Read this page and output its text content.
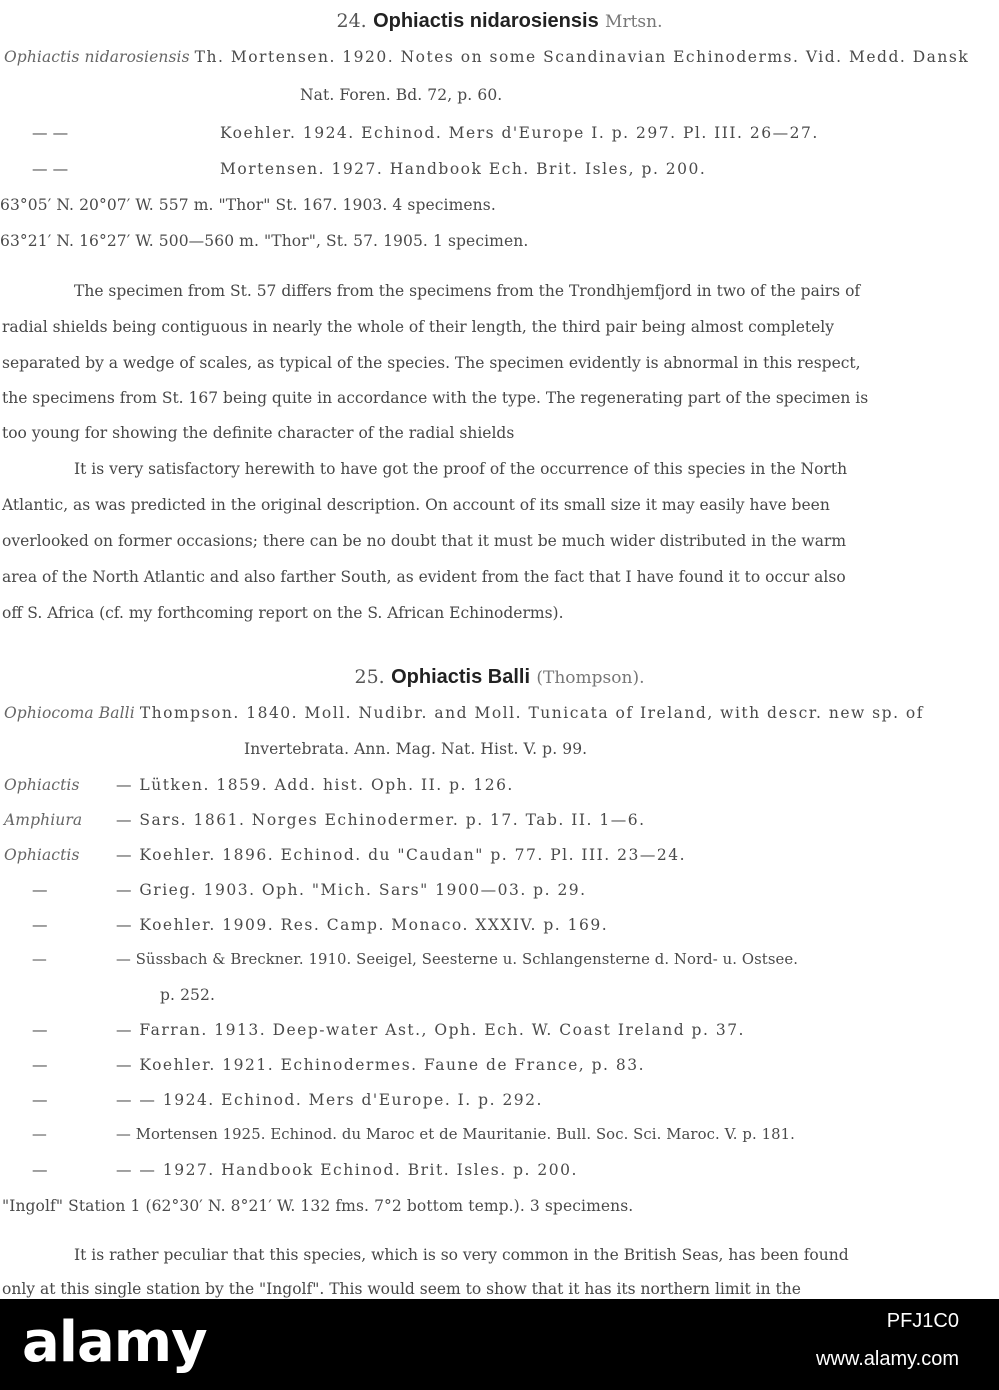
24. Ophiactis nidarosiensis Mrtsn.
Ophiactis nidarosiensis Th. Mortensen. 1920. Notes on some Scandinavian Echinoderms. Vid. Medd. Dansk
Nat. Foren. Bd. 72, p. 60.
— —	Koehler. 1924. Echinod. Mers d'Europe I. p. 297. Pl. III. 26—27.
— —	Mortensen. 1927. Handbook Ech. Brit. Isles, p. 200.
63°05′ N. 20°07′ W. 557 m. "Thor" St. 167. 1903. 4 specimens.
63°21′ N. 16°27′ W. 500—560 m. "Thor", St. 57. 1905. 1 specimen.
The specimen from St. 57 differs from the specimens from the Trondhjemfjord in two of the pairs of
radial shields being contiguous in nearly the whole of their length, the third pair being almost completely
separated by a wedge of scales, as typical of the species. The specimen evidently is abnormal in this respect,
the specimens from St. 167 being quite in accordance with the type. The regenerating part of the specimen is
too young for showing the definite character of the radial shields
It is very satisfactory herewith to have got the proof of the occurrence of this species in the North
Atlantic, as was predicted in the original description. On account of its small size it may easily have been
overlooked on former occasions; there can be no doubt that it must be much wider distributed in the warm
area of the North Atlantic and also farther South, as evident from the fact that I have found it to occur also
off S. Africa (cf. my forthcoming report on the S. African Echinoderms).
25. Ophiactis Balli (Thompson).
Ophiocoma Balli Thompson. 1840. Moll. Nudibr. and Moll. Tunicata of Ireland, with descr. new sp. of
Invertebrata. Ann. Mag. Nat. Hist. V. p. 99.
Ophiactis — Lütken. 1859. Add. hist. Oph. II. p. 126.
Amphiura — Sars. 1861. Norges Echinodermer. p. 17. Tab. II. 1—6.
Ophiactis — Koehler. 1896. Echinod. du "Caudan" p. 77. Pl. III. 23—24.
—	— Grieg. 1903. Oph. "Mich. Sars" 1900—03. p. 29.
—	— Koehler. 1909. Res. Camp. Monaco. XXXIV. p. 169.
—	— Süssbach & Breckner. 1910. Seeigel, Seesterne u. Schlangensterne d. Nord- u. Ostsee.
p. 252.
—	— Farran. 1913. Deep-water Ast., Oph. Ech. W. Coast Ireland p. 37.
—	— Koehler. 1921. Echinodermes. Faune de France, p. 83.
—	— — 1924. Echinod. Mers d'Europe. I. p. 292.
—	— Mortensen 1925. Echinod. du Maroc et de Mauritanie. Bull. Soc. Sci. Maroc. V. p. 181.
—	— — 1927. Handbook Echinod. Brit. Isles. p. 200.
"Ingolf" Station 1 (62°30′ N. 8°21′ W. 132 fms. 7°2 bottom temp.). 3 specimens.
It is rather peculiar that this species, which is so very common in the British Seas, has been found
only at this single station by the "Ingolf". This would seem to show that it has its northern limit in the
alamy	PFJ1C0
www.alamy.com
